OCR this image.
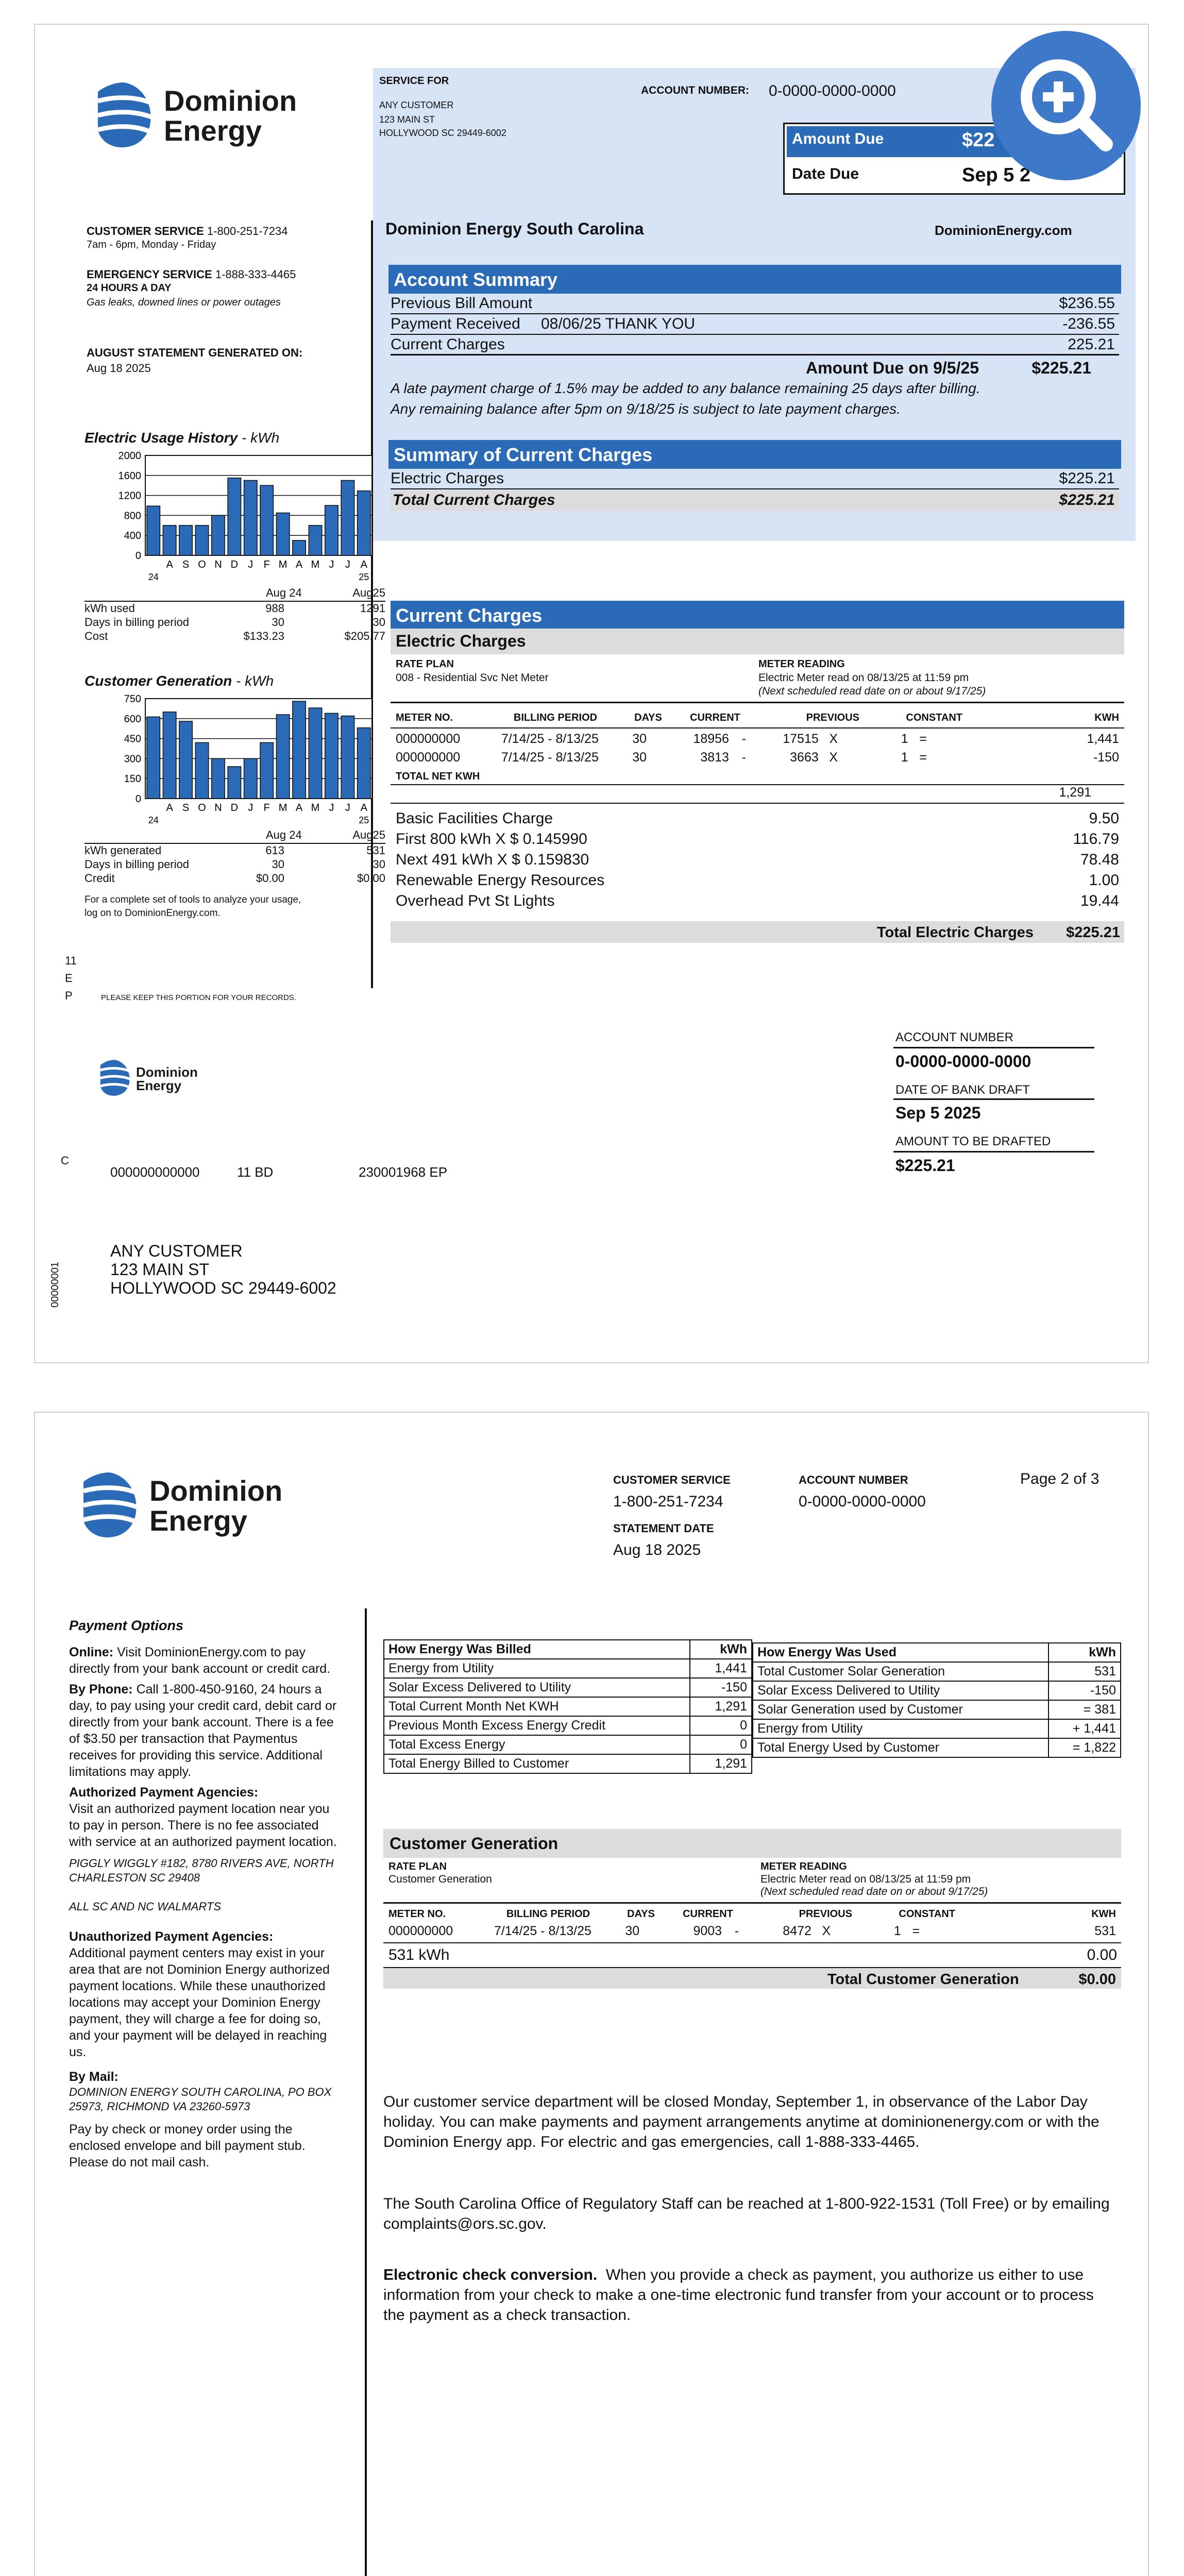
Dominion
Energy
SERVICE FOR
ANY CUSTOMER
123 MAIN ST
HOLLYWOOD SC 29449-6002
ACCOUNT NUMBER: 0-0000-0000-0000
Amount Due	$22
Date Due	Sep 5 2
CUSTOMER SERVICE 1-800-251-7234
7am - 6pm, Monday - Friday
EMERGENCY SERVICE 1-888-333-4465
24 HOURS A DAY
Gas leaks, downed lines or power outages
AUGUST STATEMENT GENERATED ON:
Aug 18 2025
Dominion Energy South Carolina	DominionEnergy.com
Account Summary
Previous Bill Amount	$236.55
Payment Received 08/06/25 THANK YOU	-236.55
Current Charges	225.21
Amount Due on 9/5/25	$225.21
A late payment charge of 1.5% may be added to any balance remaining 25 days after billing.
Any remaining balance after 5pm on 9/18/25 is subject to late payment charges.
Summary of Current Charges
Electric Charges	$225.21
Total Current Charges	$225.21
Electric Usage History - kWh
2000
1600
1200
800
400
0
A S O N D J F M A M J J A
24	25
Aug 24	Aug25
kWh used	988	1291
Days in billing period	30	30
Cost	$133.23	$205.77
Customer Generation - kWh
750
600
450
300
150
0
A S O N D J F M A M J J A
24	25
Aug 24	Aug25
kWh generated	613	531
Days in billing period	30	30
Credit	$0.00	$0.00
For a complete set of tools to analyze your usage,
log on to DominionEnergy.com.
Current Charges
Electric Charges
RATE PLAN
008 - Residential Svc Net Meter
METER READING
Electric Meter read on 08/13/25 at 11:59 pm
(Next scheduled read date on or about 9/17/25)
METER NO.	BILLING PERIOD	DAYS	CURRENT	PREVIOUS	CONSTANT	KWH
TOTAL NET KWH
1,291
Total Electric Charges $225.21
11
E
P	PLEASE KEEP THIS PORTION FOR YOUR RECORDS.
Dominion
Energy
ACCOUNT NUMBER
0-0000-0000-0000
DATE OF BANK DRAFT
Sep 5 2025
AMOUNT TO BE DRAFTED
$225.21
C
000000000000	11 BD	230001968 EP
ANY CUSTOMER
123 MAIN ST
HOLLYWOOD SC 29449-6002
00000001
000000000	7/14/25 - 8/13/25	30	18956 -	17515 X	1 =	1,441
000000000	7/14/25 - 8/13/25	30	3813 -	3663 X	1 =	-150
Basic Facilities Charge	9.50
First 800 kWh X $ 0.145990	116.79
Next 491 kWh X $ 0.159830	78.48
Renewable Energy Resources	1.00
Overhead Pvt St Lights	19.44
Dominion
Energy
CUSTOMER SERVICE
1-800-251-7234
ACCOUNT NUMBER
0-0000-0000-0000
Page 2 of 3
STATEMENT DATE
Aug 18 2025
Payment Options
Online: Visit DominionEnergy.com to pay directly from your bank account or credit card.
By Phone: Call 1-800-450-9160, 24 hours a day, to pay using your credit card, debit card or directly from your bank account. There is a fee of $3.50 per transaction that Paymentus receives for providing this service. Additional limitations may apply.
Authorized Payment Agencies:
Visit an authorized payment location near you to pay in person. There is no fee associated with service at an authorized payment location.
PIGGLY WIGGLY #182, 8780 RIVERS AVE, NORTH CHARLESTON SC 29408
ALL SC AND NC WALMARTS
Unauthorized Payment Agencies:
Additional payment centers may exist in your area that are not Dominion Energy authorized payment locations. While these unauthorized locations may accept your Dominion Energy payment, they will charge a fee for doing so, and your payment will be delayed in reaching us.
By Mail:
DOMINION ENERGY SOUTH CAROLINA, PO BOX 25973, RICHMOND VA 23260-5973
Pay by check or money order using the enclosed envelope and bill payment stub. Please do not mail cash.
How Energy Was Billed	kWh
Energy from Utility	1,441
Solar Excess Delivered to Utility	-150
Total Current Month Net KWH	1,291
Previous Month Excess Energy Credit	0
Total Excess Energy	0
Total Energy Billed to Customer	1,291
How Energy Was Used	kWh
Total Customer Solar Generation	531
Solar Excess Delivered to Utility	-150
Solar Generation used by Customer	= 381
Energy from Utility	+ 1,441
Total Energy Used by Customer	= 1,822
Customer Generation
RATE PLAN
Customer Generation
METER READING
Electric Meter read on 08/13/25 at 11:59 pm
(Next scheduled read date on or about 9/17/25)
METER NO.	BILLING PERIOD	DAYS	CURRENT	PREVIOUS	CONSTANT	KWH
000000000	7/14/25 - 8/13/25	30	9003 -	8472 X	1 =	531
531 kWh	0.00
Total Customer Generation	$0.00
Our customer service department will be closed Monday, September 1, in observance of the Labor Day holiday. You can make payments and payment arrangements anytime at dominionenergy.com or with the Dominion Energy app. For electric and gas emergencies, call 1-888-333-4465.
The South Carolina Office of Regulatory Staff can be reached at 1-800-922-1531 (Toll Free) or by emailing complaints@ors.sc.gov.
Electronic check conversion. When you provide a check as payment, you authorize us either to use information from your check to make a one-time electronic fund transfer from your account or to process the payment as a check transaction.
